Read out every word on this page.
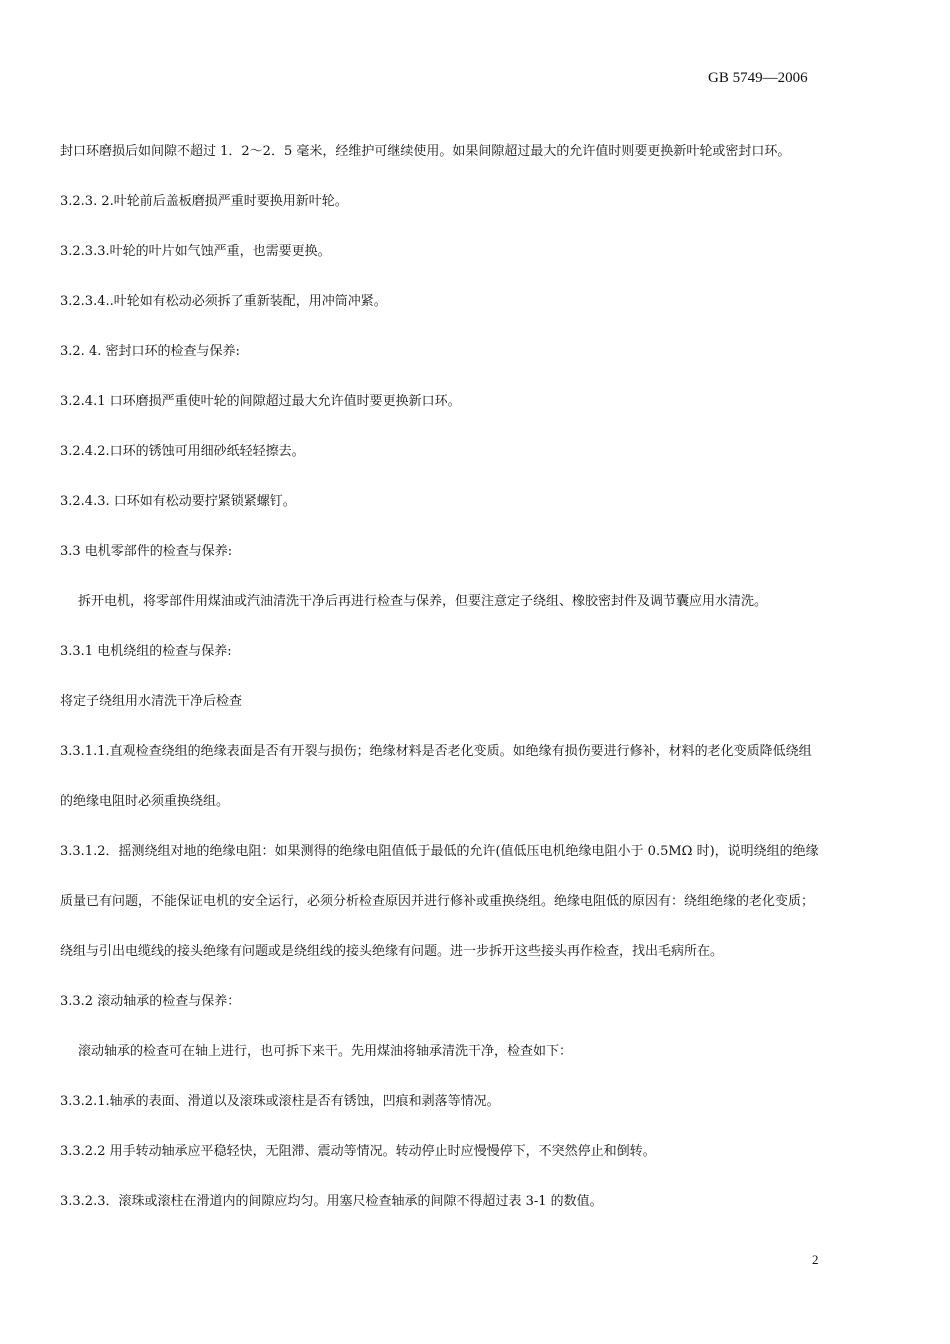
GB 5749—2006
封口环磨损后如间隙不超过 1．2～2．5 毫米，经维护可继续使用。如果间隙超过最大的允许值时则要更换新叶轮或密封口环。
3.2.3. 2.叶轮前后盖板磨损严重时要换用新叶轮。
3.2.3.3.叶轮的叶片如气蚀严重，也需要更换。
3.2.3.4..叶轮如有松动必须拆了重新装配，用冲筒冲紧。
3.2. 4. 密封口环的检查与保养:
3.2.4.1 口环磨损严重使叶轮的间隙超过最大允许值时要更换新口环。
3.2.4.2.口环的锈蚀可用细砂纸轻轻擦去。
3.2.4.3. 口环如有松动要拧紧锁紧螺钉。
3.3 电机零部件的检查与保养:
拆开电机，将零部件用煤油或汽油清洗干净后再进行检查与保养，但要注意定子绕组、橡胶密封件及调节囊应用水清洗。
3.3.1 电机绕组的检查与保养:
将定子绕组用水清洗干净后检查
3.3.1.1.直观检查绕组的绝缘表面是否有开裂与损伤；绝缘材料是否老化变质。如绝缘有损伤要进行修补，材料的老化变质降低绕组
的绝缘电阻时必须重换绕组。
3.3.1.2．摇测绕组对地的绝缘电阻：如果测得的绝缘电阻值低于最低的允许(值低压电机绝缘电阻小于 0.5MΩ 时)，说明绕组的绝缘
质量已有问题，不能保证电机的安全运行，必须分析检查原因并进行修补或重换绕组。绝缘电阻低的原因有：绕组绝缘的老化变质；
绕组与引出电缆线的接头绝缘有问题或是绕组线的接头绝缘有问题。进一步拆开这些接头再作检查，找出毛病所在。
3.3.2 滚动轴承的检查与保养：
滚动轴承的检查可在轴上进行，也可拆下来干。先用煤油将轴承清洗干净，检查如下：
3.3.2.1.轴承的表面、滑道以及滚珠或滚柱是否有锈蚀，凹痕和剥落等情况。
3.3.2.2 用手转动轴承应平稳轻快，无阻滞、震动等情况。转动停止时应慢慢停下，不突然停止和倒转。
3.3.2.3．滚珠或滚柱在滑道内的间隙应均匀。用塞尺检查轴承的间隙不得超过表 3-1 的数值。
2
